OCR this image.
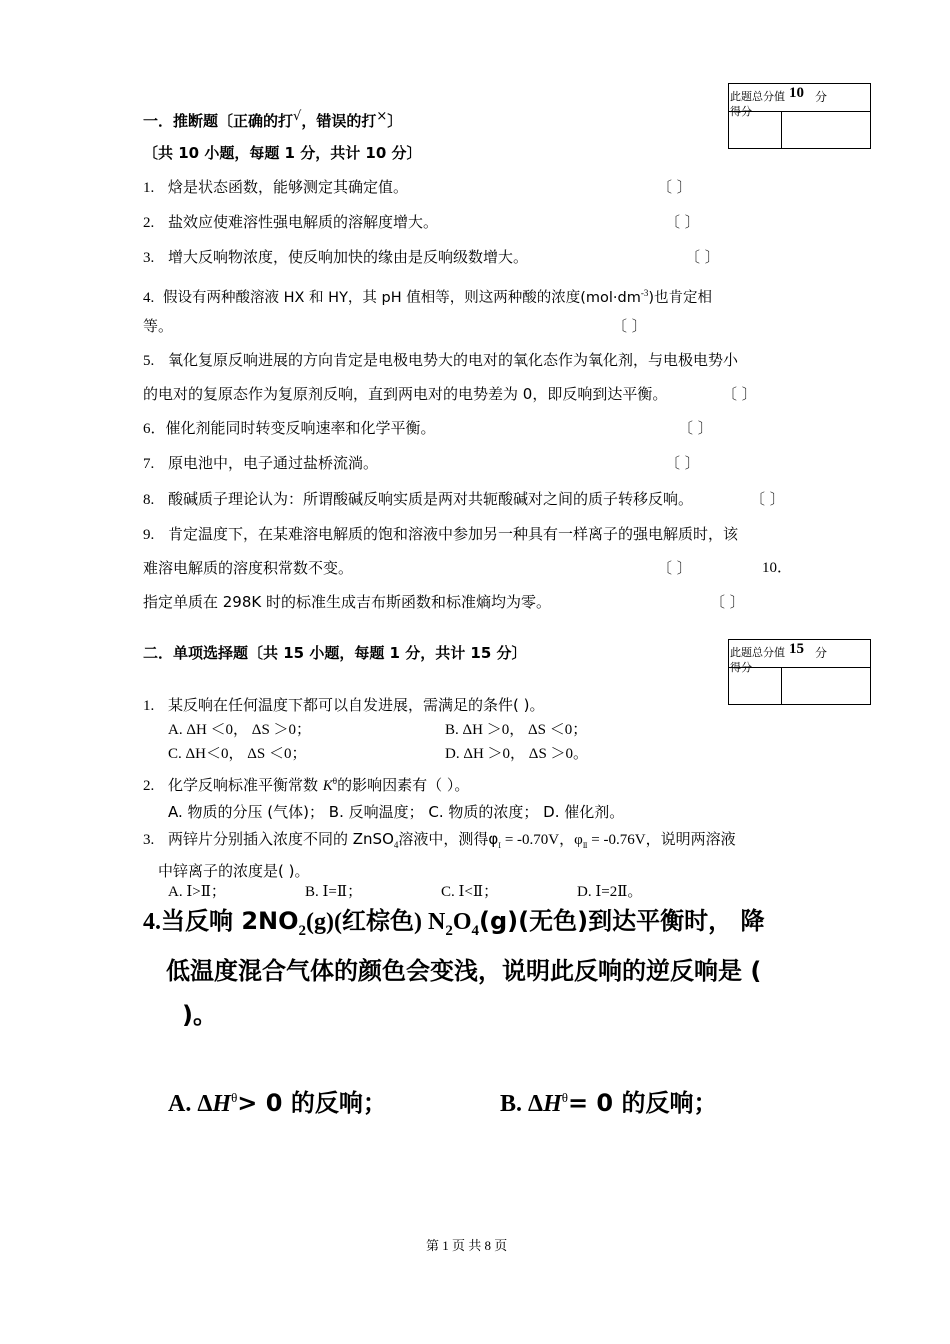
此题总分值 10 分
得分
一．推断题〔正确的打√，错误的打×〕
〔共 10 小题，每题 1 分，共计 10 分〕
1. 焓是状态函数，能够测定其确定值。	〔 〕
2. 盐效应使难溶性强电解质的溶解度增大。	〔 〕
3. 增大反响物浓度，使反响加快的缘由是反响级数增大。	〔 〕
4. 假设有两种酸溶液 HX 和 HY，其 pH 值相等，则这两种酸的浓度$(mol\cdot dm^{-3})$也肯定相
等。	〔 〕
5. 氧化复原反响进展的方向肯定是电极电势大的电对的氧化态作为氧化剂，与电极电势小
的电对的复原态作为复原剂反响，直到两电对的电势差为 0，即反响到达平衡。	〔 〕
6．催化剂能同时转变反响速率和化学平衡。	〔 〕
7. 原电池中，电子通过盐桥流淌。	〔 〕
8. 酸碱质子理论认为：所谓酸碱反响实质是两对共轭酸碱对之间的质子转移反响。	〔 〕
9. 肯定温度下，在某难溶电解质的饱和溶液中参加另一种具有一样离子的强电解质时，该
难溶电解质的溶度积常数不变。	〔 〕	10．
指定单质在 298K 时的标准生成吉布斯函数和标准熵均为零。	〔 〕
此题总分值 15 分
得分
二．单项选择题〔共 15 小题，每题 1 分，共计 15 分〕
1. 某反响在任何温度下都可以自发进展，需满足的条件( )。
A. ΔH ＜0， ΔS ＞0；	B. ΔH ＞0， ΔS ＜0；
C. ΔH＜0， ΔS ＜0；	D. ΔH ＞0， ΔS ＞0。
2. 化学反响标准平衡常数 $K^\theta$的影响因素有（ ）。
A. 物质的分压 (气体)； B. 反响温度； C. 物质的浓度； D. 催化剂。
3. 两锌片分别插入浓度不同的 ZnSO$_4$溶液中，测得$\varphi_Ⅰ = -0.70V$，$\varphi_Ⅱ = -0.76V$，说明两溶液
中锌离子的浓度是( )。
A. Ⅰ>Ⅱ；	B. Ⅰ=Ⅱ；	C. Ⅰ<Ⅱ；	D. Ⅰ=2Ⅱ。
4.当反响 $2NO_2(g)$(红棕色) $N_2O_4(g)$(无色)到达平衡时， 降
低温度混合气体的颜色会变浅，说明此反响的逆反响是 (
)。
A. $\Delta H^\theta> 0$ 的反响；	B. $\Delta H^\theta= 0$ 的反响；
第 1 页 共 8 页
